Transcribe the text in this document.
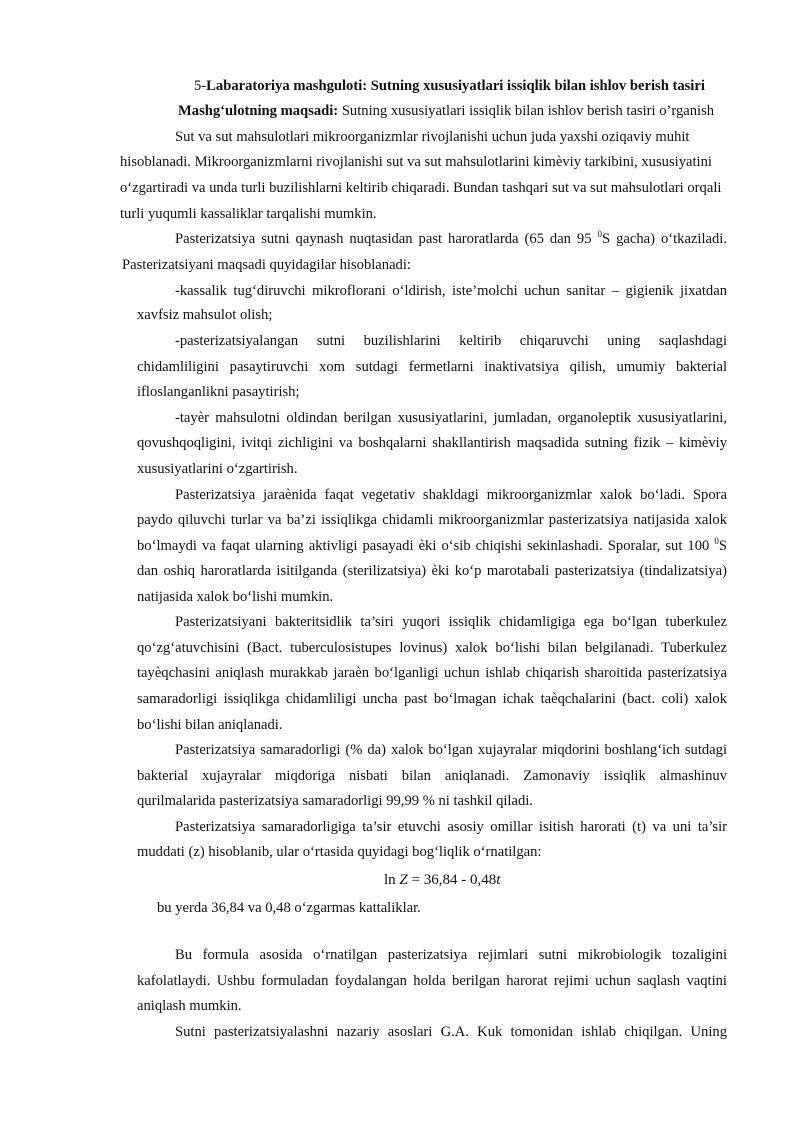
5-Labaratoriya mashguloti: Sutning xususiyatlari issiqlik bilan ishlov berish tasiri
Mashg‘ulotning maqsadi: Sutning xususiyatlari issiqlik bilan ishlov berish tasiri o’rganish
Sut va sut mahsulotlari mikroorganizmlar rivojlanishi uchun juda yaxshi oziqaviy muhit
hisoblanadi. Mikroorganizmlarni rivojlanishi sut va sut mahsulotlarini kimèviy tarkibini, xususiyatini
o‘zgartiradi va unda turli buzilishlarni keltirib chiqaradi. Bundan tashqari sut va sut mahsulotlari orqali
turli yuqumli kassaliklar tarqalishi mumkin.
Pasterizatsiya sutni qaynash nuqtasidan past haroratlarda (65 dan 95 $^0$S gacha) o‘tkaziladi.
Pasterizatsiyani maqsadi quyidagilar hisoblanadi:
-kassalik tug‘diruvchi mikroflorani o‘ldirish, iste’molchi uchun sanitar – gigienik jixatdan
xavfsiz mahsulot olish;
-pasterizatsiyalangan sutni buzilishlarini keltirib chiqaruvchi uning saqlashdagi
chidamliligini pasaytiruvchi xom sutdagi fermetlarni inaktivatsiya qilish, umumiy bakterial
ifloslanganlikni pasaytirish;
-tayèr mahsulotni oldindan berilgan xususiyatlarini, jumladan, organoleptik xususiyatlarini,
qovushqoqligini, ivitqi zichligini va boshqalarni shakllantirish maqsadida sutning fizik – kimèviy
xususiyatlarini o‘zgartirish.
Pasterizatsiya jaraènida faqat vegetativ shakldagi mikroorganizmlar xalok bo‘ladi. Spora
paydo qiluvchi turlar va ba’zi issiqlikga chidamli mikroorganizmlar pasterizatsiya natijasida xalok
bo‘lmaydi va faqat ularning aktivligi pasayadi èki o‘sib chiqishi sekinlashadi. Sporalar, sut 100 $^0$S
dan oshiq haroratlarda isitilganda (sterilizatsiya) èki ko‘p marotabali pasterizatsiya (tindalizatsiya)
natijasida xalok bo‘lishi mumkin.
Pasterizatsiyani bakteritsidlik ta’siri yuqori issiqlik chidamligiga ega bo‘lgan tuberkulez
qo‘zg‘atuvchisini (Bact. tuberculosistupes lovinus) xalok bo‘lishi bilan belgilanadi. Tuberkulez
tayèqchasini aniqlash murakkab jaraèn bo‘lganligi uchun ishlab chiqarish sharoitida pasterizatsiya
samaradorligi issiqlikga chidamliligi uncha past bo‘lmagan ichak taèqchalarini (bact. coli) xalok
bo‘lishi bilan aniqlanadi.
Pasterizatsiya samaradorligi (% da) xalok bo‘lgan xujayralar miqdorini boshlang‘ich sutdagi
bakterial xujayralar miqdoriga nisbati bilan aniqlanadi. Zamonaviy issiqlik almashinuv
qurilmalarida pasterizatsiya samaradorligi 99,99 % ni tashkil qiladi.
Pasterizatsiya samaradorligiga ta’sir etuvchi asosiy omillar isitish harorati (t) va uni ta’sir
muddati (z) hisoblanib, ular o‘rtasida quyidagi bog‘liqlik o‘rnatilgan:
ln Z = 36,84 - 0,48t
bu yerda 36,84 va 0,48 o‘zgarmas kattaliklar.
Bu formula asosida o‘rnatilgan pasterizatsiya rejimlari sutni mikrobiologik tozaligini
kafolatlaydi. Ushbu formuladan foydalangan holda berilgan harorat rejimi uchun saqlash vaqtini
aniqlash mumkin.
Sutni pasterizatsiyalashni nazariy asoslari G.A. Kuk tomonidan ishlab chiqilgan. Uning
